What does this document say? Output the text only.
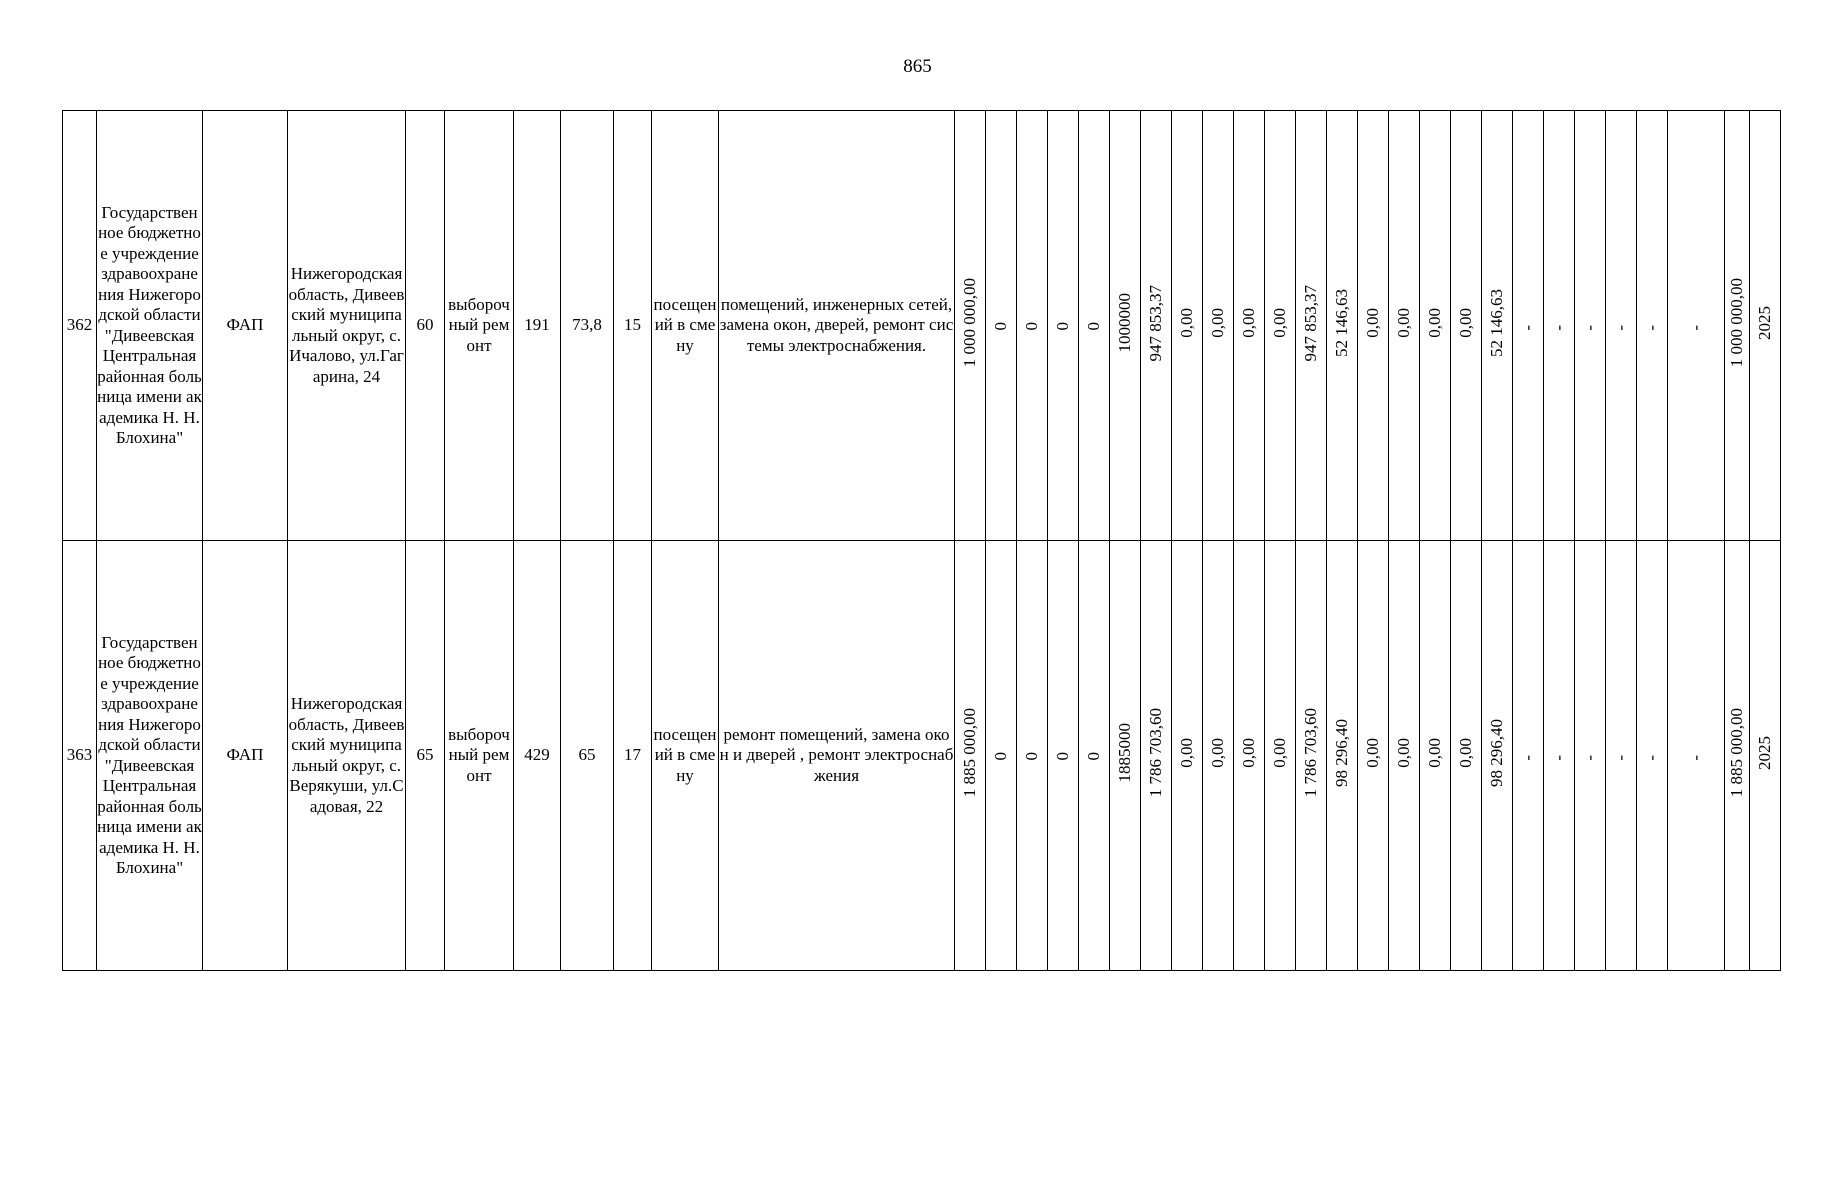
865
362	Государственное бюджетное учреждение здравоохранения Нижегородской области "Дивеевская Центральная районная больница имени академика Н. Н. Блохина"	ФАП	Нижегородская область, Дивеевский муниципальный округ, с. Ичалово, ул.Гагарина, 24	60	выборочный ремонт	191	73,8	15	посещений в смену	помещений, инженерных сетей, замена окон, дверей, ремонт системы электроснабжения.	1 000 000,00	0	0	0	0	1000000	947 853,37	0,00	0,00	0,00	0,00	947 853,37	52 146,63	0,00	0,00	0,00	0,00	52 146,63	-	-	-	-	-	-	1 000 000,00	2025
363	Государственное бюджетное учреждение здравоохранения Нижегородской области "Дивеевская Центральная районная больница имени академика Н. Н. Блохина"	ФАП	Нижегородская область, Дивеевский муниципальный округ, с. Верякуши, ул.Садовая, 22	65	выборочный ремонт	429	65	17	посещений в смену	ремонт помещений, замена окон и дверей , ремонт электроснабжения	1 885 000,00	0	0	0	0	1885000	1 786 703,60	0,00	0,00	0,00	0,00	1 786 703,60	98 296,40	0,00	0,00	0,00	0,00	98 296,40	-	-	-	-	-	-	1 885 000,00	2025
